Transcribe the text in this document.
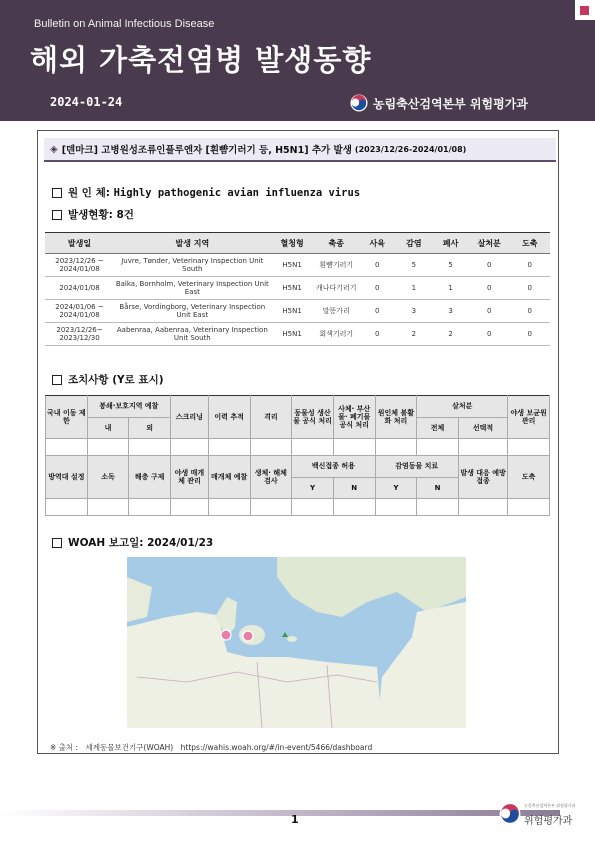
Bulletin on Animal Infectious Disease
해외 가축전염병 발생동향
2024-01-24	농림축산검역본부 위험평가과
◈ [덴마크] 고병원성조류인플루엔자 [흰뺨기러기 등, H5N1] 추가 발생 (2023/12/26-2024/01/08)
원 인 체:
Highly pathogenic avian influenza virus
발생현황:
8건
발생일	발생 지역	혈청형	축종	사육	감염	폐사	살처분	도축
2023/12/26 ~ 2024/01/08	Juvre, Tønder, Veterinary Inspection Unit South	H5N1	흰뺨기러기	0	5	5	0	0
2024/01/08	Balka, Bornholm, Veterinary Inspection Unit East	H5N1	캐나다기러기	0	1	1	0	0
2024/01/06 ~ 2024/01/08	Bårse, Vordingborg, Veterinary Inspection Unit East	H5N1	말똥가리	0	3	3	0	0
2023/12/26~ 2023/12/30	Aabenraa, Aabenraa, Veterinary Inspection Unit South	H5N1	회색기러기	0	2	2	0	0
조치사항 (Y로 표시)
국내 이동 제한	봉쇄·보호지역 예찰		스크리닝	이력 추적	격리	동물성 생산물 공식 처리	사체· 부산물· 폐기물 공식 처리	원인체 불활화 처리	살처분		야생 보균원 관리
	내	외							전체	선택적	

방역대 설정	소독	해충 구제	야생 매개체 관리	매개체 예찰	생체· 해체 검사	백신접종 허용		감염동물 치료		발생 대응 예방 접종	도축
						Y	N	Y	N		

WOAH 보고일:
2024/01/23
※ 출처 : 세계동물보건기구(WOAH) https://wahis.woah.org/#/in-event/5466/dashboard
1
농림축산검역본부 위험평가과
위험평가과
